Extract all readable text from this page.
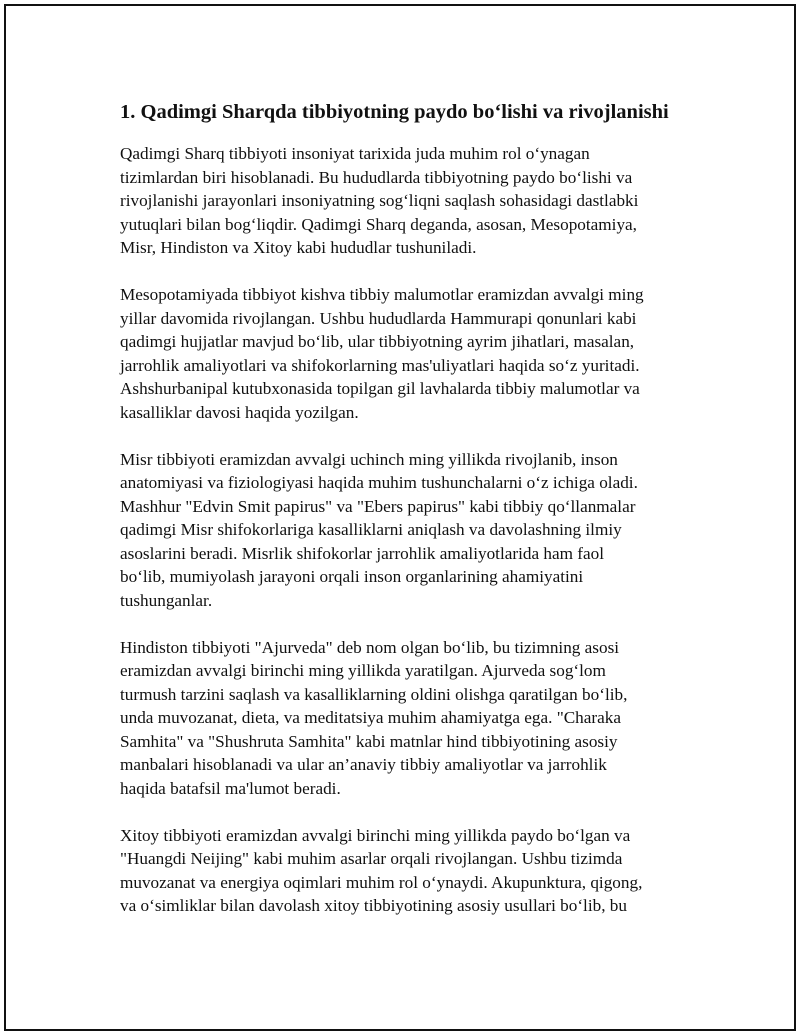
1. Qadimgi Sharqda tibbiyotning paydo bo‘lishi va rivojlanishi

Qadimgi Sharq tibbiyoti insoniyat tarixida juda muhim rol o‘ynagan
tizimlardan biri hisoblanadi. Bu hududlarda tibbiyotning paydo bo‘lishi va
rivojlanishi jarayonlari insoniyatning sog‘liqni saqlash sohasidagi dastlabki
yutuqlari bilan bog‘liqdir. Qadimgi Sharq deganda, asosan, Mesopotamiya,
Misr, Hindiston va Xitoy kabi hududlar tushuniladi.

Mesopotamiyada tibbiyot kishva tibbiy malumotlar eramizdan avvalgi ming
yillar davomida rivojlangan. Ushbu hududlarda Hammurapi qonunlari kabi
qadimgi hujjatlar mavjud bo‘lib, ular tibbiyotning ayrim jihatlari, masalan,
jarrohlik amaliyotlari va shifokorlarning mas'uliyatlari haqida so‘z yuritadi.
Ashshurbanipal kutubxonasida topilgan gil lavhalarda tibbiy malumotlar va
kasalliklar davosi haqida yozilgan.

Misr tibbiyoti eramizdan avvalgi uchinch ming yillikda rivojlanib, inson
anatomiyasi va fiziologiyasi haqida muhim tushunchalarni o‘z ichiga oladi.
Mashhur "Edvin Smit papirus" va "Ebers papirus" kabi tibbiy qo‘llanmalar
qadimgi Misr shifokorlariga kasalliklarni aniqlash va davolashning ilmiy
asoslarini beradi. Misrlik shifokorlar jarrohlik amaliyotlarida ham faol
bo‘lib, mumiyolash jarayoni orqali inson organlarining ahamiyatini
tushunganlar.

Hindiston tibbiyoti "Ajurveda" deb nom olgan bo‘lib, bu tizimning asosi
eramizdan avvalgi birinchi ming yillikda yaratilgan. Ajurveda sog‘lom
turmush tarzini saqlash va kasalliklarning oldini olishga qaratilgan bo‘lib,
unda muvozanat, dieta, va meditatsiya muhim ahamiyatga ega. "Charaka
Samhita" va "Shushruta Samhita" kabi matnlar hind tibbiyotining asosiy
manbalari hisoblanadi va ular an’anaviy tibbiy amaliyotlar va jarrohlik
haqida batafsil ma'lumot beradi.

Xitoy tibbiyoti eramizdan avvalgi birinchi ming yillikda paydo bo‘lgan va
"Huangdi Neijing" kabi muhim asarlar orqali rivojlangan. Ushbu tizimda
muvozanat va energiya oqimlari muhim rol o‘ynaydi. Akupunktura, qigong,
va o‘simliklar bilan davolash xitoy tibbiyotining asosiy usullari bo‘lib, bu
